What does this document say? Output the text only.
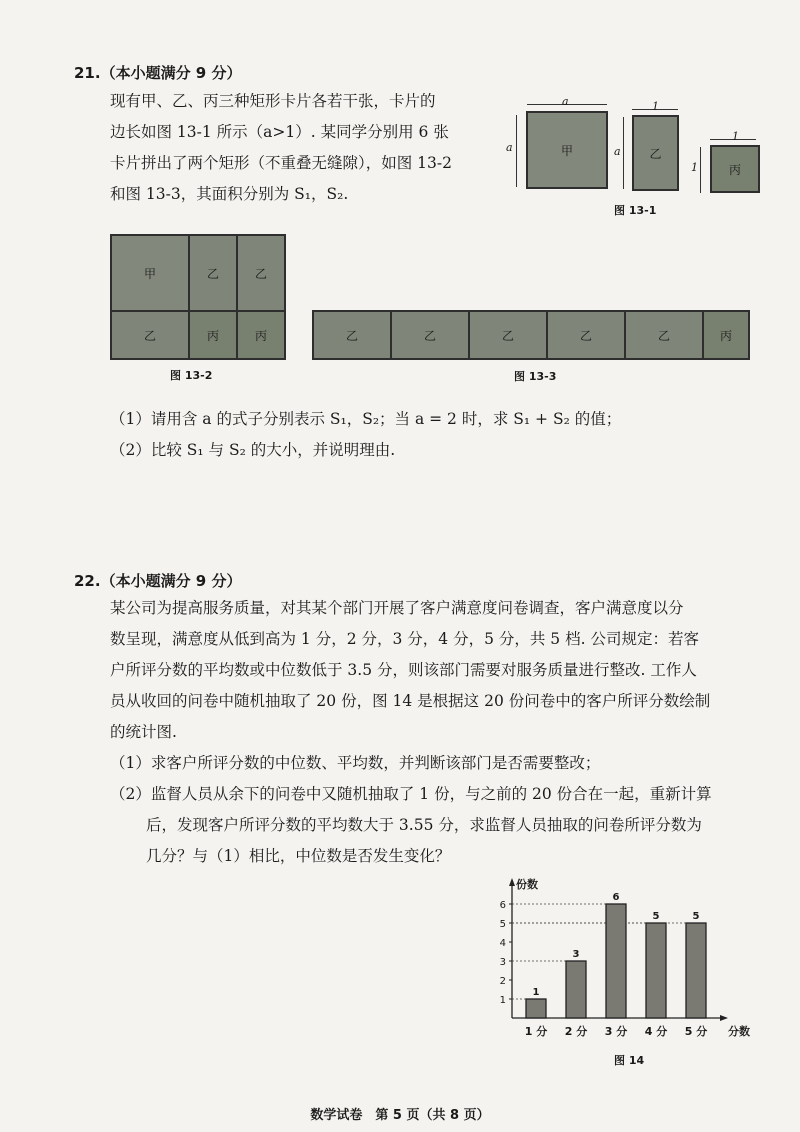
21.（本小题满分 9 分）

现有甲、乙、丙三种矩形卡片各若干张，卡片的

边长如图 13-1 所示（a>1）. 某同学分别用 6 张

卡片拼出了两个矩形（不重叠无缝隙），如图 13-2

和图 13-3，其面积分别为 S₁，S₂.

a
a	甲
1
a	乙
1
1	丙
图 13-1
甲	乙	乙
乙	丙	丙
图 13-2
乙	乙	乙	乙	乙	丙
图 13-3

（1）请用含 a 的式子分别表示 S₁，S₂；当 a = 2 时，求 S₁ + S₂ 的值；

（2）比较 S₁ 与 S₂ 的大小，并说明理由.

22.（本小题满分 9 分）

某公司为提高服务质量，对其某个部门开展了客户满意度问卷调查，客户满意度以分

数呈现，满意度从低到高为 1 分，2 分，3 分，4 分，5 分，共 5 档. 公司规定：若客

户所评分数的平均数或中位数低于 3.5 分，则该部门需要对服务质量进行整改. 工作人

员从收回的问卷中随机抽取了 20 份，图 14 是根据这 20 份问卷中的客户所评分数绘制

的统计图.

（1）求客户所评分数的中位数、平均数，并判断该部门是否需要整改；

（2）监督人员从余下的问卷中又随机抽取了 1 份，与之前的 20 份合在一起，重新计算

后，发现客户所评分数的平均数大于 3.55 分，求监督人员抽取的问卷所评分数为

几分？与（1）相比，中位数是否发生变化？

1
2
3
4
5
6
1
1 分
3
2 分
6
3 分
5
4 分
5
5 分
份数
分数
图 14
数学试卷　第 5 页（共 8 页）
